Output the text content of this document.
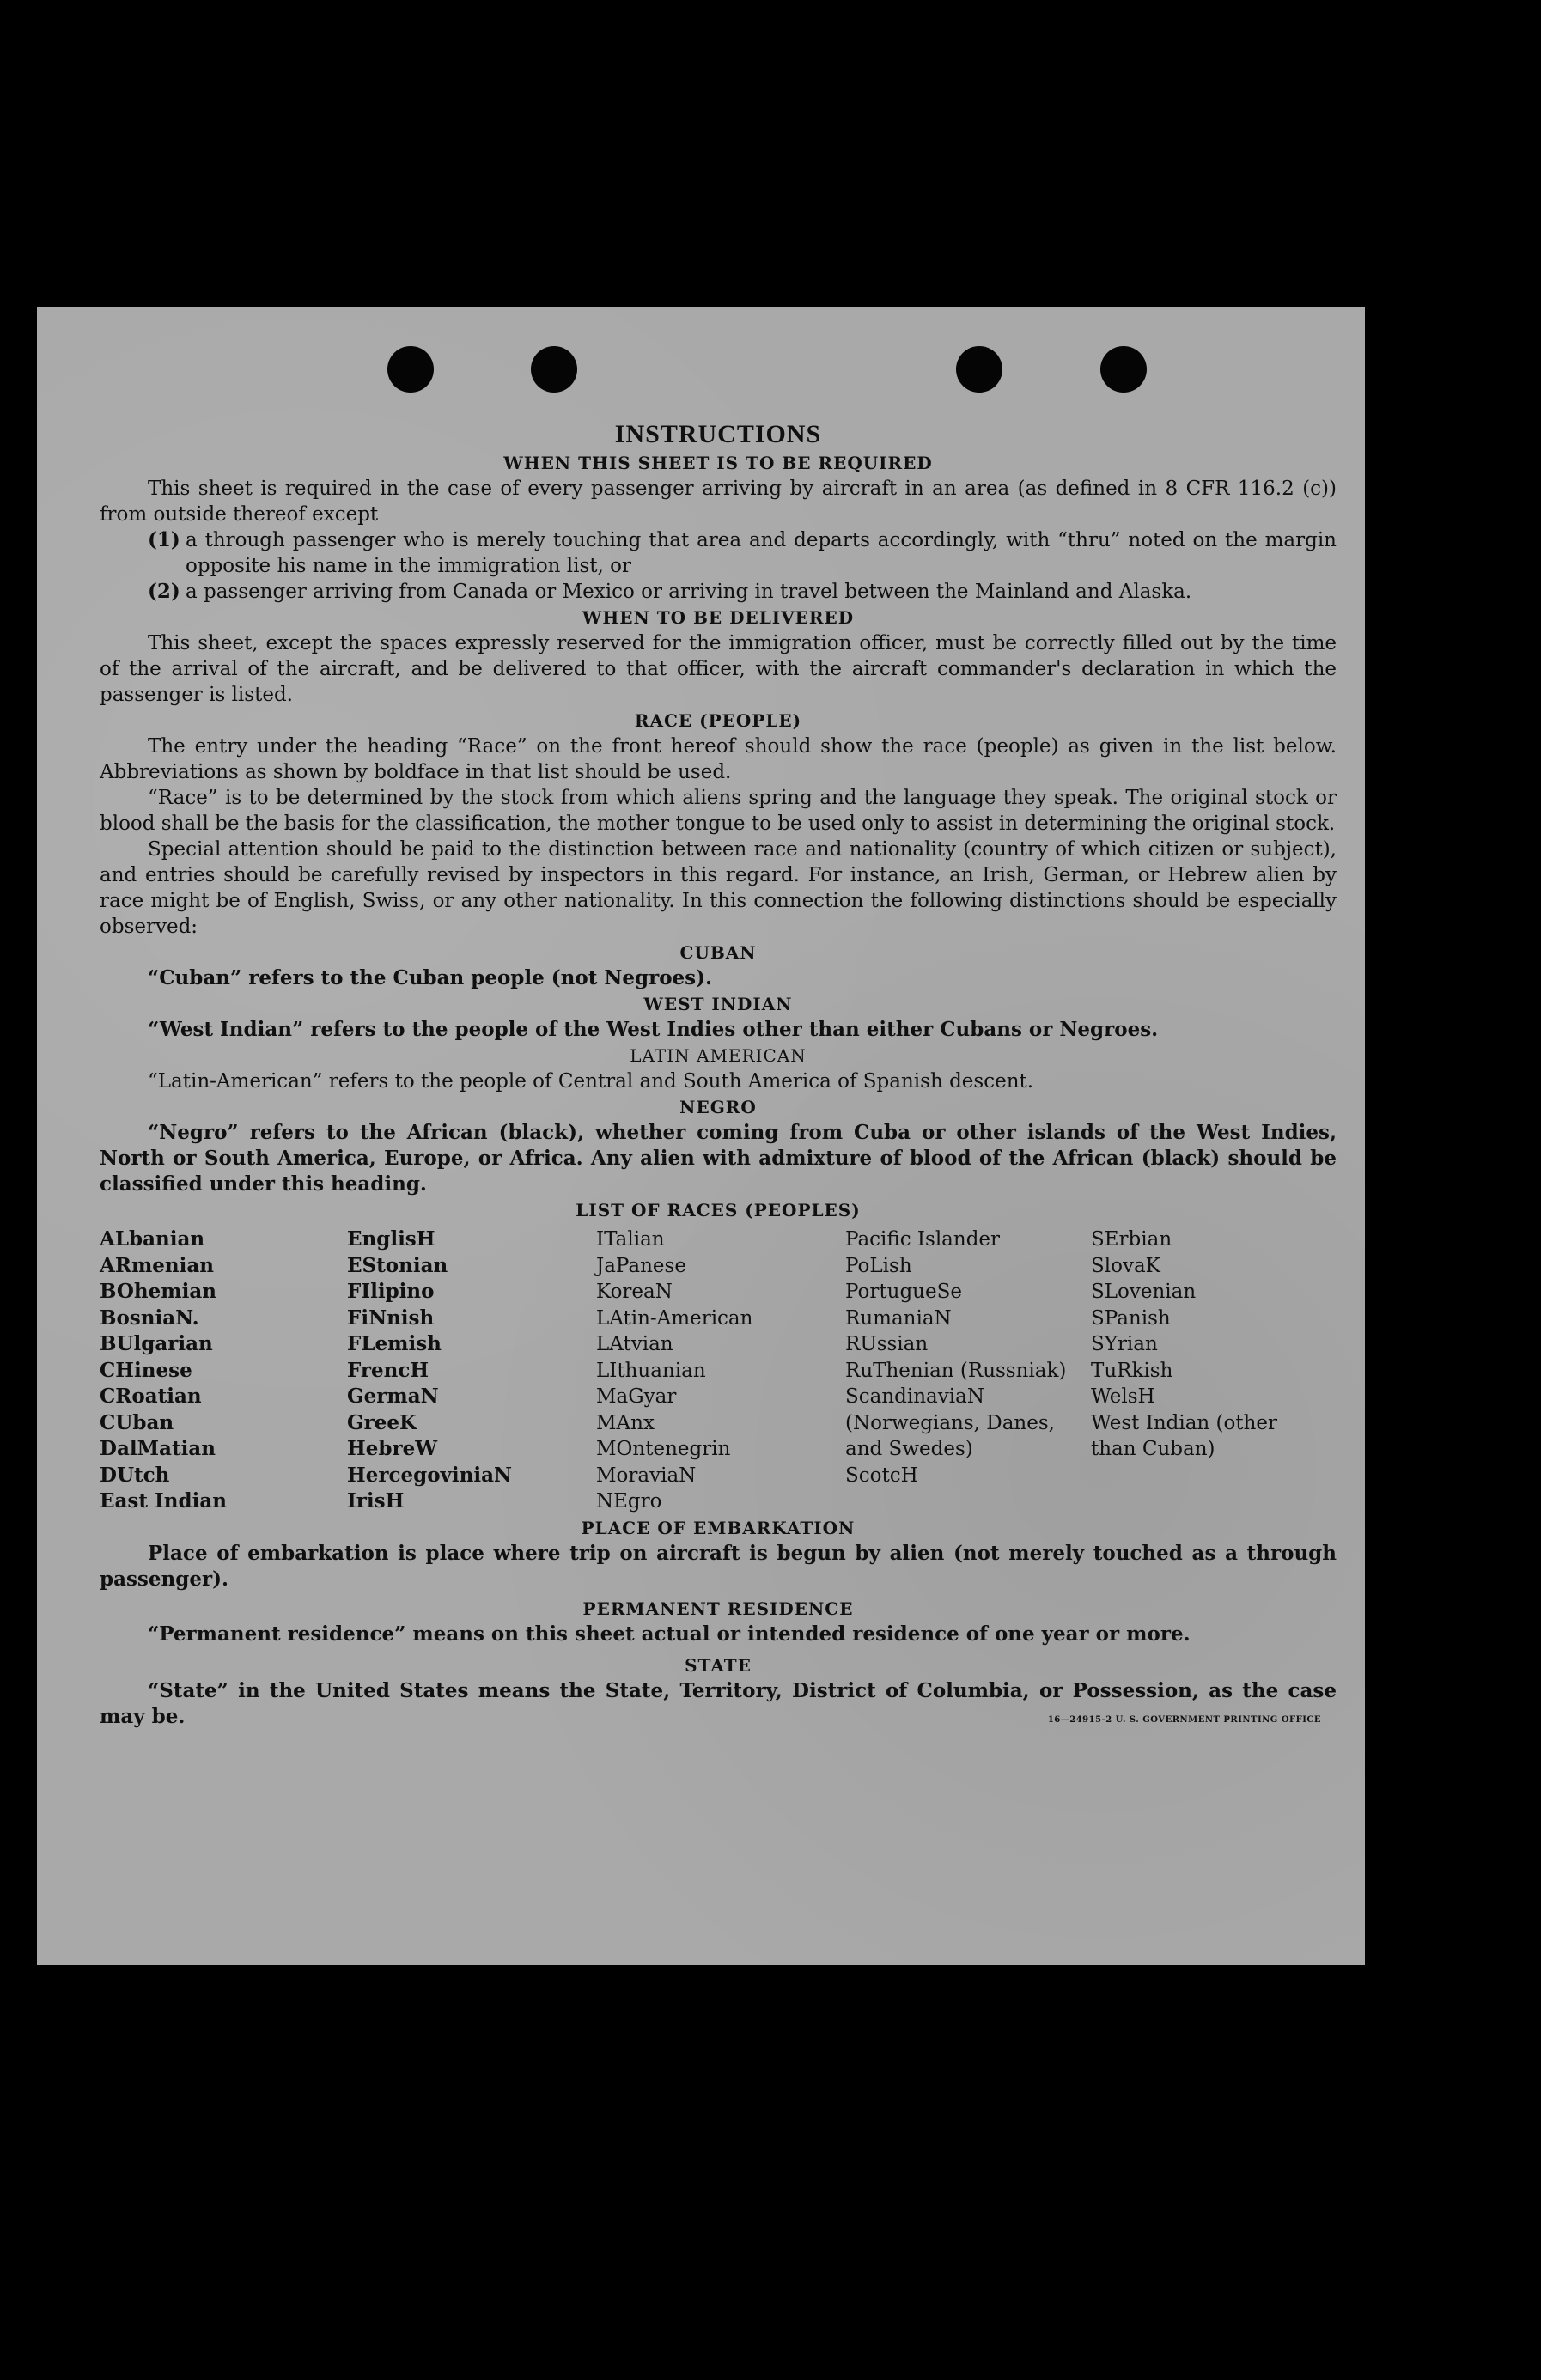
INSTRUCTIONS
WHEN THIS SHEET IS TO BE REQUIRED

This sheet is required in the case of every passenger arriving by aircraft in an area (as defined in 8 CFR 116.2 (c)) from outside thereof except

(1) a through passenger who is merely touching that area and departs accordingly, with “thru” noted on the margin opposite his name in the immigration list, or
(2) a passenger arriving from Canada or Mexico or arriving in travel between the Mainland and Alaska.
WHEN TO BE DELIVERED

This sheet, except the spaces expressly reserved for the immigration officer, must be correctly filled out by the time of the arrival of the aircraft, and be delivered to that officer, with the aircraft commander's declaration in which the passenger is listed.

RACE (PEOPLE)

The entry under the heading “Race” on the front hereof should show the race (people) as given in the list below. Abbreviations as shown by boldface in that list should be used.

“Race” is to be determined by the stock from which aliens spring and the language they speak. The original stock or blood shall be the basis for the classification, the mother tongue to be used only to assist in determining the original stock.

Special attention should be paid to the distinction between race and nationality (country of which citizen or subject), and entries should be carefully revised by inspectors in this regard. For instance, an Irish, German, or Hebrew alien by race might be of English, Swiss, or any other nationality. In this connection the following distinctions should be especially observed:

CUBAN

“Cuban” refers to the Cuban people (not Negroes).

WEST INDIAN

“West Indian” refers to the people of the West Indies other than either Cubans or Negroes.

LATIN AMERICAN

“Latin-American” refers to the people of Central and South America of Spanish descent.

NEGRO

“Negro” refers to the African (black), whether coming from Cuba or other islands of the West Indies, North or South America, Europe, or Africa. Any alien with admixture of blood of the African (black) should be classified under this heading.

LIST OF RACES (PEOPLES)
ALbanian
ARmenian
BOhemian
BosniaN.
BUlgarian
CHinese
CRoatian
CUban
DalMatian
DUtch
East Indian
EnglisH
EStonian
FIlipino
FiNnish
FLemish
FrencH
GermaN
GreeK
HebreW
HercegoviniaN
IrisH
ITalian
JaPanese
KoreaN
LAtin-American
LAtvian
LIthuanian
MaGyar
MAnx
MOntenegrin
MoraviaN
NEgro
Pacific Islander
PoLish
PortugueSe
RumaniaN
RUssian
RuThenian (Russniak)
ScandinaviaN (Norwegians, Danes, and Swedes)
ScotcH
SErbian
SlovaK
SLovenian
SPanish
SYrian
TuRkish
WelsH
West Indian (other than Cuban)
PLACE OF EMBARKATION

Place of embarkation is place where trip on aircraft is begun by alien (not merely touched as a through passenger).

PERMANENT RESIDENCE

“Permanent residence” means on this sheet actual or intended residence of one year or more.

STATE

“State” in the United States means the State, Territory, District of Columbia, or Possession, as the case may be.	16—24915-2 U. S. GOVERNMENT PRINTING OFFICE
